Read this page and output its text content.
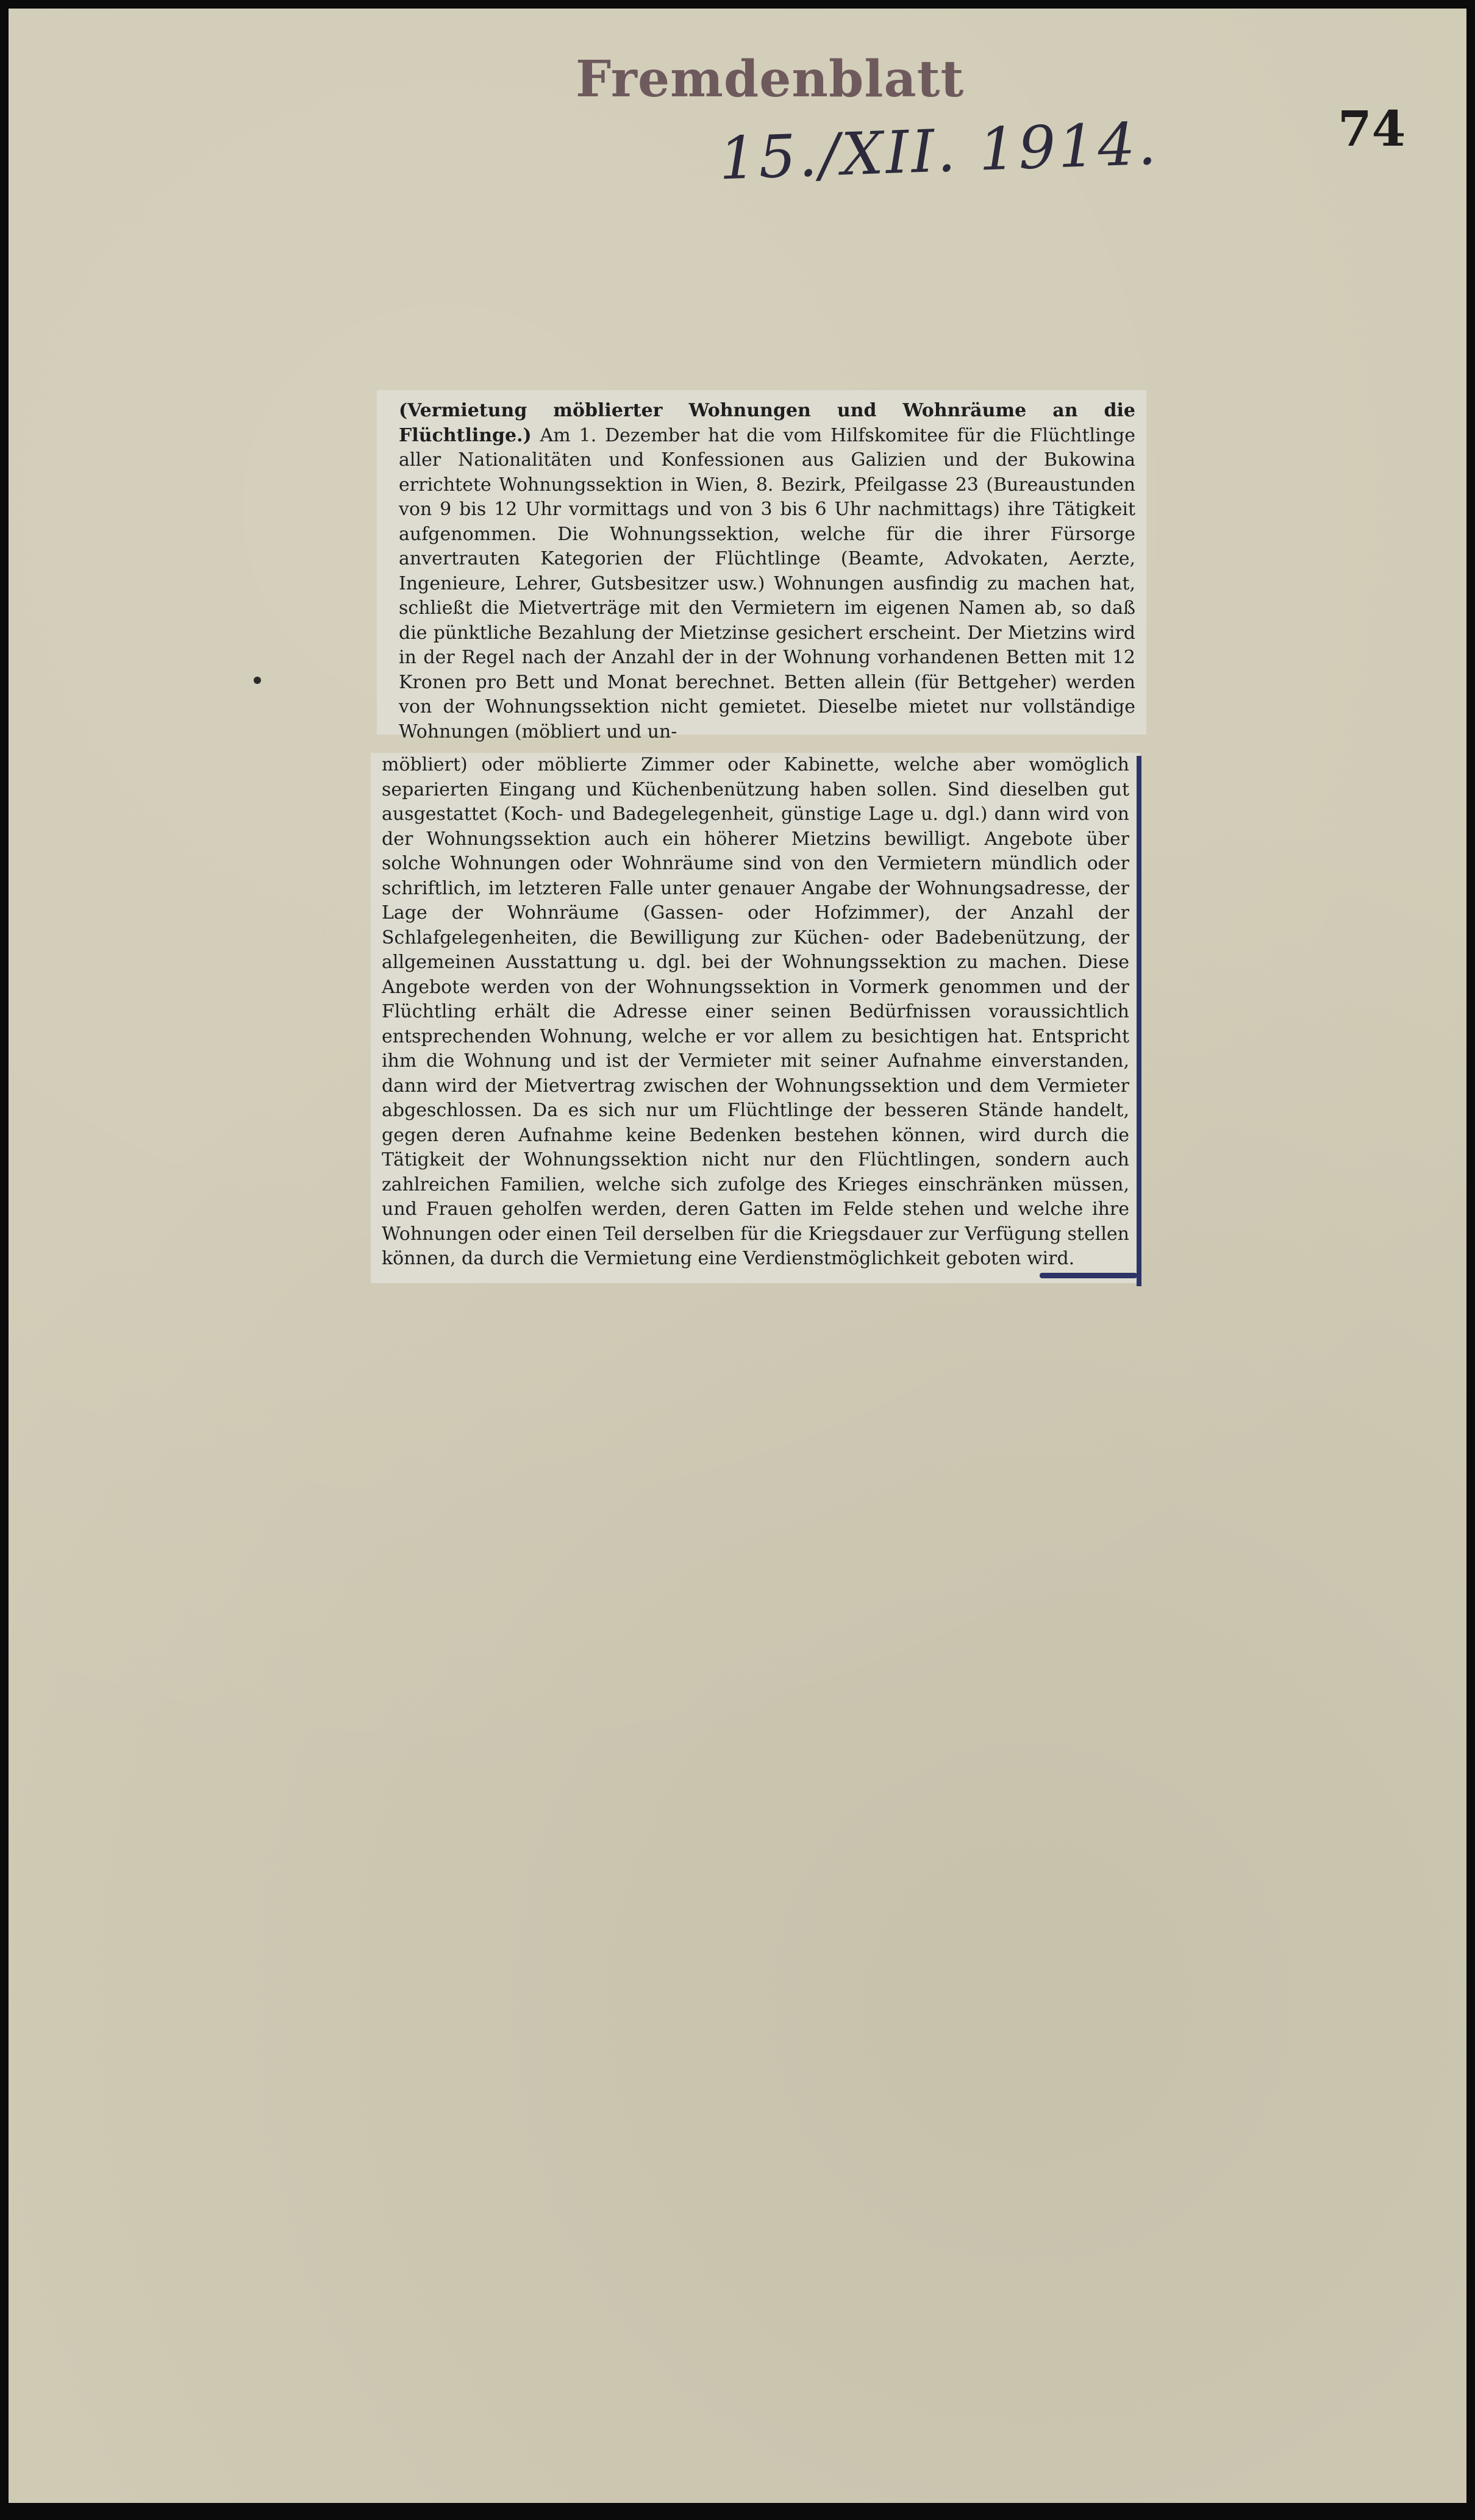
Fremdenblatt
15./XII. 1914.	74

(Vermietung möblierter Wohnungen und Wohnräume an die Flüchtlinge.) Am 1. Dezember hat die vom Hilfskomitee für die Flüchtlinge aller Nationalitäten und Konfessionen aus Galizien und der Bukowina errichtete Wohnungssektion in Wien, 8. Bezirk, Pfeilgasse 23 (Bureaustunden von 9 bis 12 Uhr vormittags und von 3 bis 6 Uhr nachmittags) ihre Tätigkeit aufgenommen. Die Wohnungssektion, welche für die ihrer Fürsorge anvertrauten Kategorien der Flüchtlinge (Beamte, Advokaten, Aerzte, Ingenieure, Lehrer, Gutsbesitzer usw.) Wohnungen ausfindig zu machen hat, schließt die Mietverträge mit den Vermietern im eigenen Namen ab, so daß die pünktliche Bezahlung der Mietzinse gesichert erscheint. Der Mietzins wird in der Regel nach der Anzahl der in der Wohnung vorhandenen Betten mit 12 Kronen pro Bett und Monat berechnet. Betten allein (für Bettgeher) werden von der Wohnungssektion nicht gemietet. Dieselbe mietet nur vollständige Wohnungen (möbliert und un-

möbliert) oder möblierte Zimmer oder Kabinette, welche aber womöglich separierten Eingang und Küchenbenützung haben sollen. Sind dieselben gut ausgestattet (Koch- und Badegelegenheit, günstige Lage u. dgl.) dann wird von der Wohnungssektion auch ein höherer Mietzins bewilligt. Angebote über solche Wohnungen oder Wohnräume sind von den Vermietern mündlich oder schriftlich, im letzteren Falle unter genauer Angabe der Wohnungsadresse, der Lage der Wohnräume (Gassen- oder Hofzimmer), der Anzahl der Schlafgelegenheiten, die Bewilligung zur Küchen- oder Badebenützung, der allgemeinen Ausstattung u. dgl. bei der Wohnungssektion zu machen. Diese Angebote werden von der Wohnungssektion in Vormerk genommen und der Flüchtling erhält die Adresse einer seinen Bedürfnissen voraussichtlich entsprechenden Wohnung, welche er vor allem zu besichtigen hat. Entspricht ihm die Wohnung und ist der Vermieter mit seiner Aufnahme einverstanden, dann wird der Mietvertrag zwischen der Wohnungssektion und dem Vermieter abgeschlossen. Da es sich nur um Flüchtlinge der besseren Stände handelt, gegen deren Aufnahme keine Bedenken bestehen können, wird durch die Tätigkeit der Wohnungssektion nicht nur den Flüchtlingen, sondern auch zahlreichen Familien, welche sich zufolge des Krieges einschränken müssen, und Frauen geholfen werden, deren Gatten im Felde stehen und welche ihre Wohnungen oder einen Teil derselben für die Kriegsdauer zur Verfügung stellen können, da durch die Vermietung eine Verdienstmöglichkeit geboten wird.
